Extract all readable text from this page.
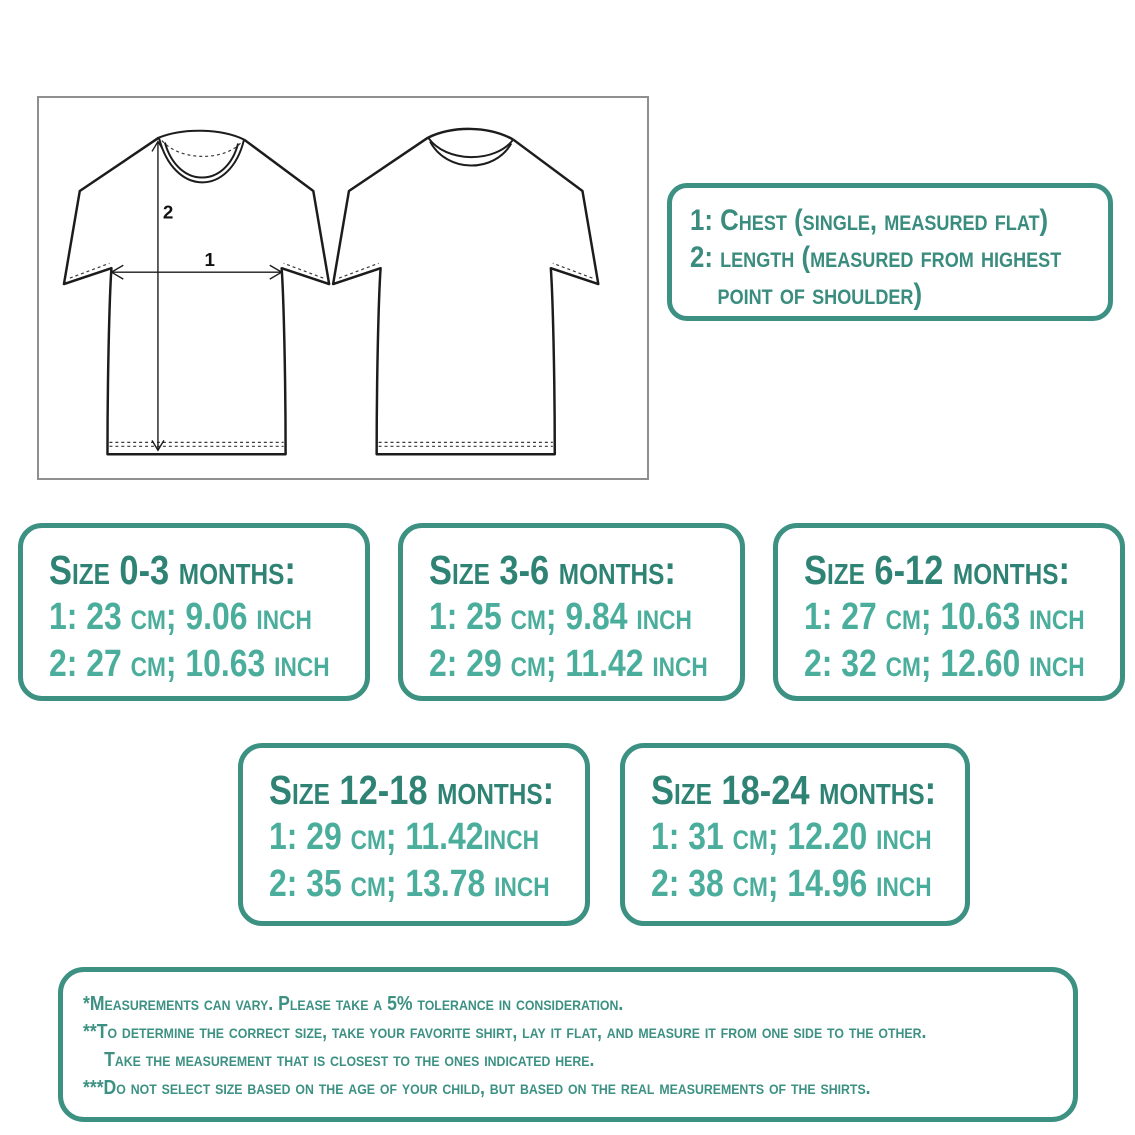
1
2	1: Chest (single, measured flat)
2: length (measured from highest
point of shoulder)
Size 0-3 months:
1: 23 cm; 9.06 inch
2: 27 cm; 10.63 inch
Size 3-6 months:
1: 25 cm; 9.84 inch
2: 29 cm; 11.42 inch
Size 6-12 months:
1: 27 cm; 10.63 inch
2: 32 cm; 12.60 inch
Size 12-18 months:
1: 29 cm; 11.42inch
2: 35 cm; 13.78 inch
Size 18-24 months:
1: 31 cm; 12.20 inch
2: 38 cm; 14.96 inch
*Measurements can vary. Please take a 5% tolerance in consideration.
**To determine the correct size, take your favorite shirt, lay it flat, and measure it from one side to the other.
Take the measurement that is closest to the ones indicated here.
***Do not select size based on the age of your child, but based on the real measurements of the shirts.
